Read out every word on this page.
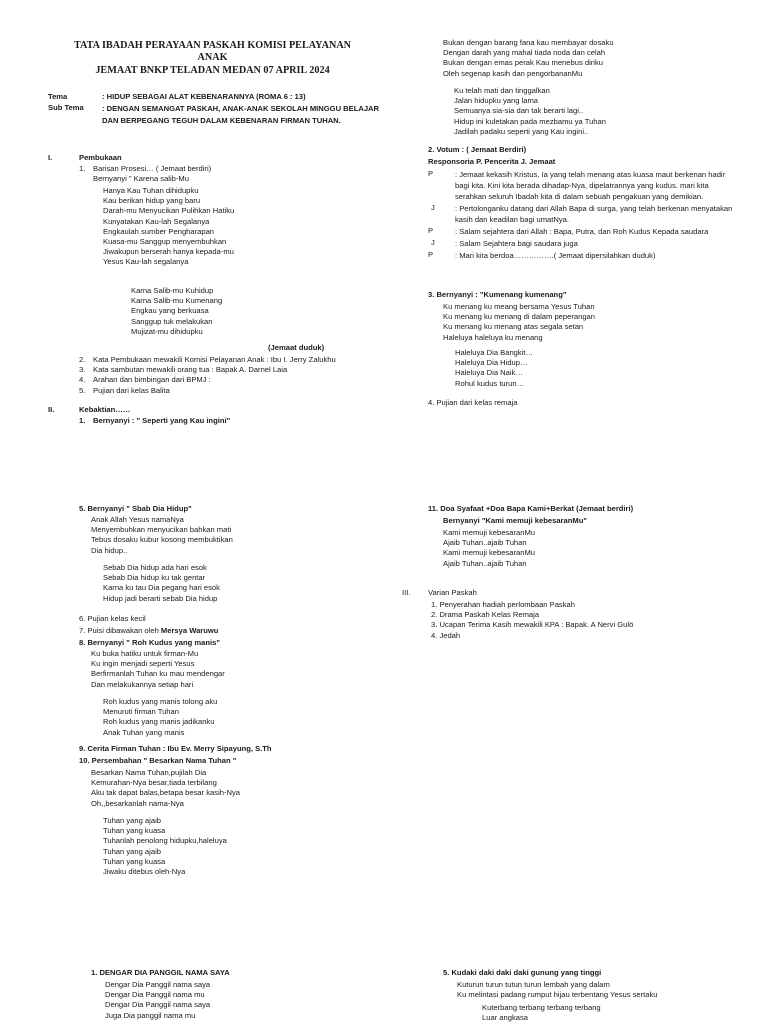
TATA IBADAH PERAYAAN PASKAH KOMISI PELAYANAN
ANAK
JEMAAT BNKP TELADAN MEDAN 07 APRIL 2024
Tema	: HIDUP SEBAGAI ALAT KEBENARANNYA (ROMA 6 : 13)
Sub Tema : DENGAN SEMANGAT PASKAH, ANAK-ANAK SEKOLAH MINGGU BELAJAR DAN BERPEGANG TEGUH DALAM KEBENARAN FIRMAN TUHAN.
I.	Pembukaan
1. Barisan Prosesi… ( Jemaat berdiri)
Bernyanyi " Karena salib-Mu
Hanya Kau Tuhan dihidupku
Kau berikan hidup yang baru
Darah-mu Menyucikan Pulihkan Hatiku
Kunyatakan Kau-lah Segalanya
Engkaulah sumber Pengharapan
Kuasa-mu Sanggup menyembuhkan
Jiwakupun berserah hanya kepada-mu
Yesus Kau-lah segalanya
Karna Salib-mu Kuhidup
Karna Salib-mu Kumenang
Engkau yang berkuasa
Sanggup tuk melakukan
Mujizat-mu dihidupku
(Jemaat duduk)
2. Kata Pembukaan mewakili Komisi Pelayanan Anak : Ibu I. Jerry Zalukhu
3. Kata sambutan mewakili orang tua : Bapak A. Darnel Laia
4. Arahan dan bimbingan dari BPMJ :
5. Pujian dari kelas Balita
II.	Kebaktian……
1. Bernyanyi : " Seperti yang Kau ingini"
Bukan dengan barang fana kau membayar dosaku
Dengan darah yang mahal tiada noda dan celah
Bukan dengan emas perak Kau menebus diriku
Oleh segenap kasih dan pengorbananMu
Ku telah mati dan tinggalkan
Jalan hidupku yang lama
Semuanya sia-sia dan tak berarti lagi..
Hidup ini kuletakan pada mezbamu ya Tuhan
Jadilah padaku seperti yang Kau ingini..
2. Votum : ( Jemaat Berdiri)
Responsoria P. Pencerita J. Jemaat
P	: Jemaat kekasih Kristus, Ia yang telah menang atas kuasa maut berkenan hadir bagi kita. Kini kita berada dihadap-Nya, dipelatrannya yang kudus. mari kita serahkan seluruh Ibadah kita di dalam sebuah pengakuan yang demikian.
J	: Pertolonganku datang dari Allah Bapa di surga, yang telah berkenan menyatakan kasih dan keadilan bagi umatNya.
P	: Salam sejahtera dari Allah : Bapa, Putra, dan Roh Kudus Kepada saudara
J	: Salam Sejahtera bagi saudara juga
P	: Mari kita berdoa…………….( Jemaat dipersilahkan duduk)
3. Bernyanyi : "Kumenang kumenang"
Ku menang ku meang bersama Yesus Tuhan
Ku menang ku menang di dalam peperangan
Ku menang ku menang atas segala setan
Haleluya haleluya ku menang
Haleluya Dia Bangkit…
Haleluya Dia Hidup…
Haleluya Dia Naik…
Rohul kudus turun…
4. Pujian dari kelas remaja
5. Bernyanyi " Sbab Dia Hidup"
Anak Allah Yesus namaNya
Menyembuhkan menyucikan bahkan mati
Tebus dosaku kubur kosong membuktikan
Dia hidup..
Sebab Dia hidup ada hari esok
Sebab Dia hidup ku tak gentar
Karna ku tau Dia pegang hari esok
Hidup jadi berarti sebab Dia hidup
6. Pujian kelas kecil
7. Puisi dibawakan oleh Mersya Waruwu
8. Bernyanyi " Roh Kudus yang manis"
Ku buka hatiku untuk firman-Mu
Ku ingin menjadi seperti Yesus
Berfirmanlah Tuhan ku mau mendengar
Dan melakukannya setiap hari
Roh kudus yang manis tolong aku
Menuruti firman Tuhan
Roh kudus yang manis jadikanku
Anak Tuhan yang manis
9. Cerita Firman Tuhan : Ibu Ev. Merry Sipayung, S.Th
10. Persembahan " Besarkan Nama Tuhan "
Besarkan Nama Tuhan,pujilah Dia
Kemurahan-Nya besar,tiada terbilang
Aku tak dapat balas,betapa besar kasih-Nya
Oh,,besarkanlah nama-Nya
Tuhan yang ajaib
Tuhan yang kuasa
Tuhanlah penolong hidupku,haleluya
Tuhan yang ajaib
Tuhan yang kuasa
Jiwaku ditebus oleh-Nya
11. Doa Syafaat +Doa Bapa Kami+Berkat (Jemaat berdiri)
Bernyanyi "Kami memuji kebesaranMu"
Kami memuji kebesaranMu
Ajaib Tuhan..ajaib Tuhan
Kami memuji kebesaranMu
Ajaib Tuhan..ajaib Tuhan
III. Varian Paskah
1. Penyerahan hadiah perlombaan Paskah
2. Drama Paskah Kelas Remaja
3. Ucapan Terima Kasih mewakili KPA : Bapak. A Nervi Gulö
4. Jedah
1. DENGAR DIA PANGGIL NAMA SAYA
Dengar Dia Panggil nama saya
Dengar Dia Panggil nama mu
Dengar Dia Panggil nama saya
Juga Dia panggil nama mu
5. Kudaki daki daki daki gunung yang tinggi
Kuturun turun tutun turun lembah yang dalam
Ku melintasi padang rumput hijau terbentang Yesus sertaku
Kuterbang terbang terbang terbang
Luar angkasa
